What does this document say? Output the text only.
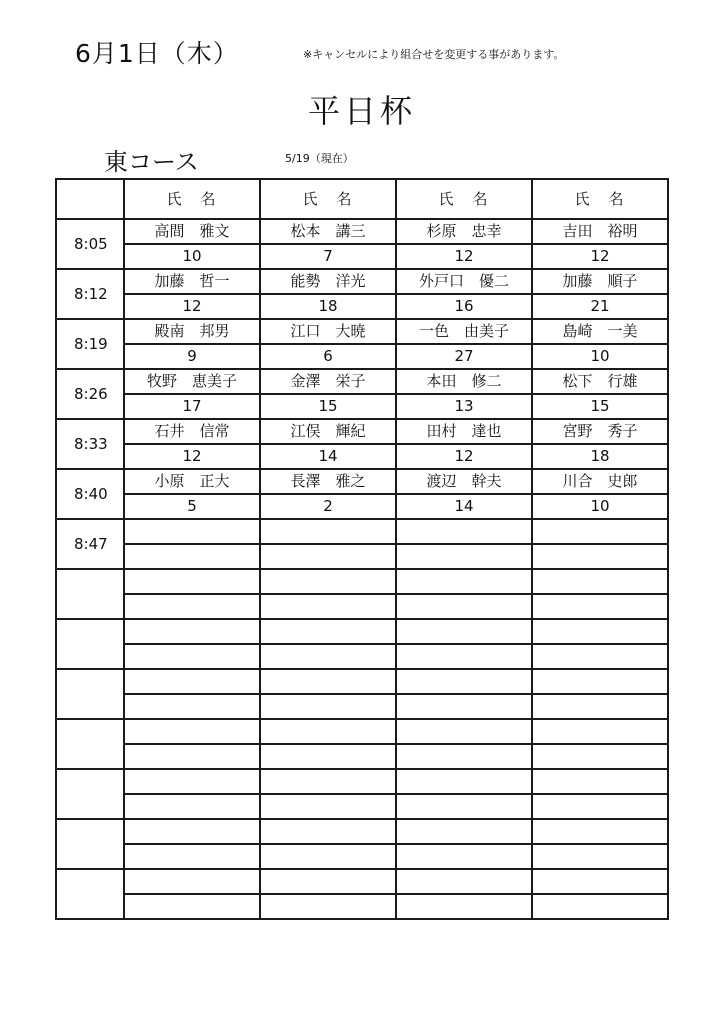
6月1日（木）	※キャンセルにより組合せを変更する事があります。
平日杯
東コース	5/19（現在）
	氏　名	氏　名	氏　名	氏　名
8:05	高間　雅文	松本　講三	杉原　忠幸	吉田　裕明
	10	7	12	12
8:12	加藤　哲一	能勢　洋光	外戸口　優二	加藤　順子
	12	18	16	21
8:19	殿南　邦男	江口　大暁	一色　由美子	島崎　一美
	9	6	27	10
8:26	牧野　恵美子	金澤　栄子	本田　修二	松下　行雄
	17	15	13	15
8:33	石井　信常	江俣　輝紀	田村　達也	宮野　秀子
	12	14	12	18
8:40	小原　正大	長澤　雅之	渡辺　幹夫	川合　史郎
	5	2	14	10
8:47				
